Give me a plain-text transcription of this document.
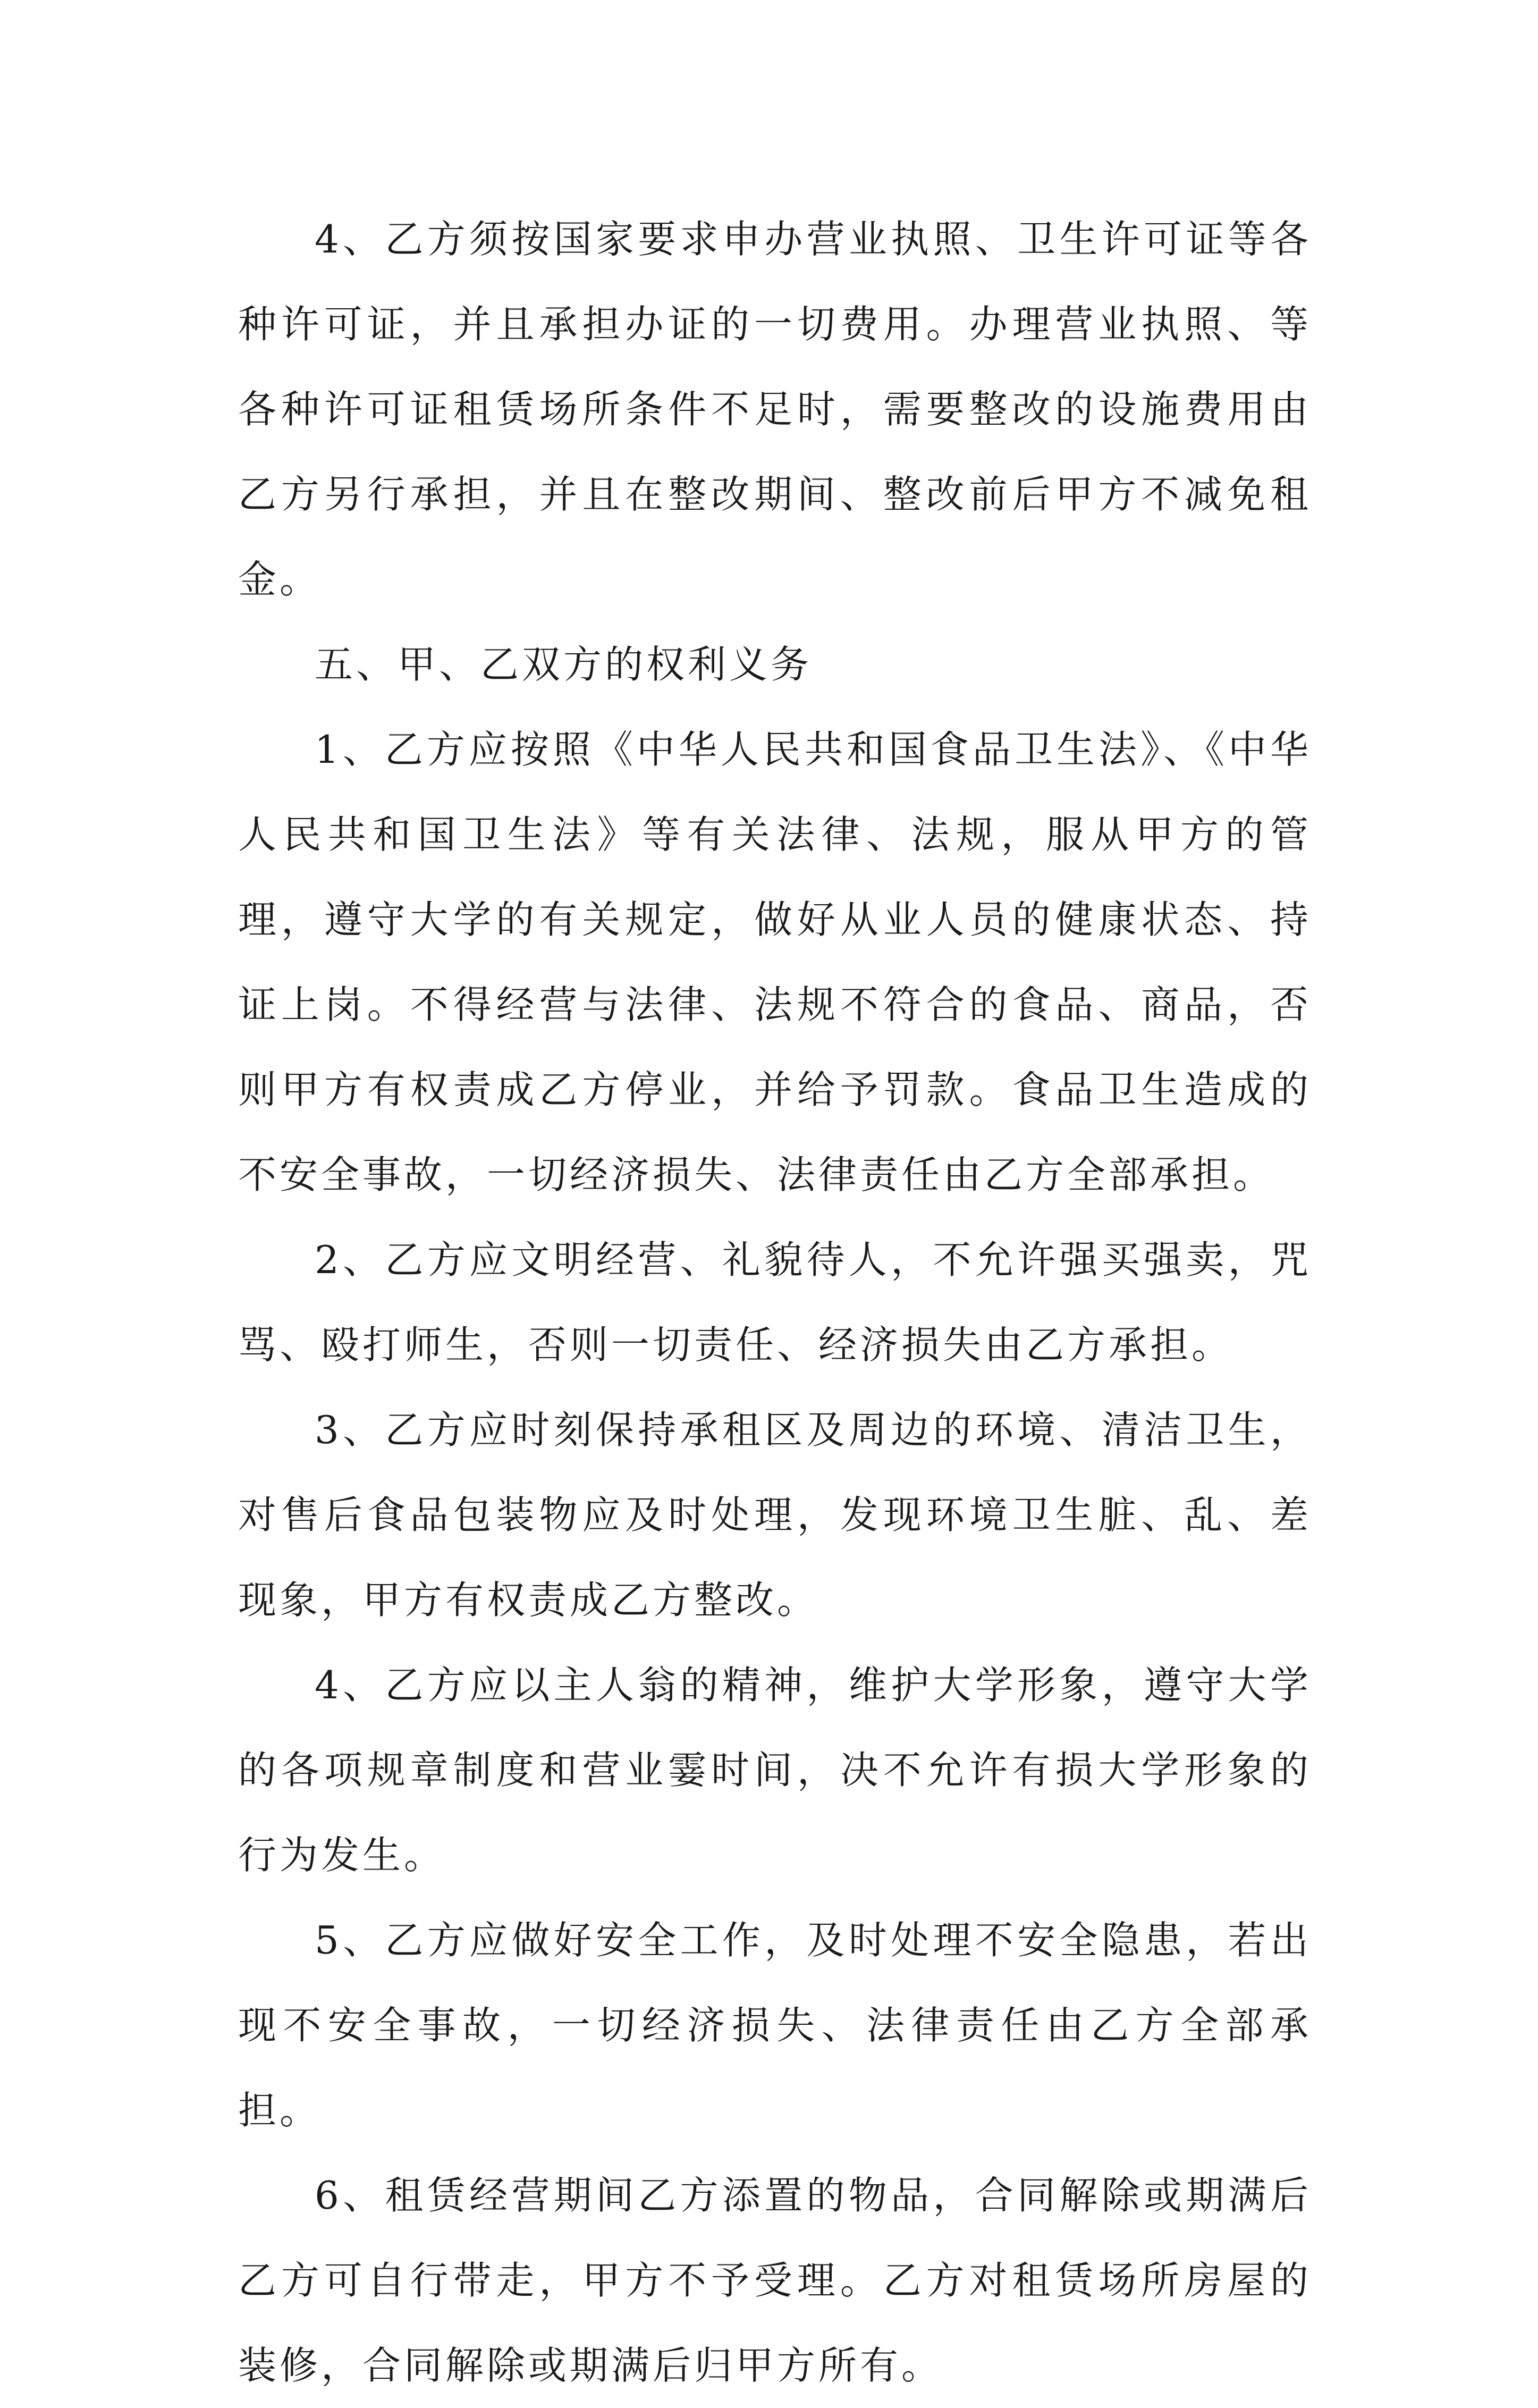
4、乙方须按国家要求申办营业执照、卫生许可证等各种许可证，并且承担办证的一切费用。办理营业执照、等各种许可证租赁场所条件不足时，需要整改的设施费用由乙方另行承担，并且在整改期间、整改前后甲方不减免租金。

五、甲、乙双方的权利义务

1、乙方应按照《中华人民共和国食品卫生法》、《中华人民共和国卫生法》等有关法律、法规，服从甲方的管理，遵守大学的有关规定，做好从业人员的健康状态、持证上岗。不得经营与法律、法规不符合的食品、商品，否则甲方有权责成乙方停业，并给予罚款。食品卫生造成的不安全事故，一切经济损失、法律责任由乙方全部承担。

2、乙方应文明经营、礼貌待人，不允许强买强卖，咒骂、殴打师生，否则一切责任、经济损失由乙方承担。

3、乙方应时刻保持承租区及周边的环境、清洁卫生，对售后食品包装物应及时处理，发现环境卫生脏、乱、差现象，甲方有权责成乙方整改。

4、乙方应以主人翁的精神，维护大学形象，遵守大学的各项规章制度和营业霎时间，决不允许有损大学形象的行为发生。

5、乙方应做好安全工作，及时处理不安全隐患，若出现不安全事故，一切经济损失、法律责任由乙方全部承担。

6、租赁经营期间乙方添置的物品，合同解除或期满后乙方可自行带走，甲方不予受理。乙方对租赁场所房屋的装修，合同解除或期满后归甲方所有。
